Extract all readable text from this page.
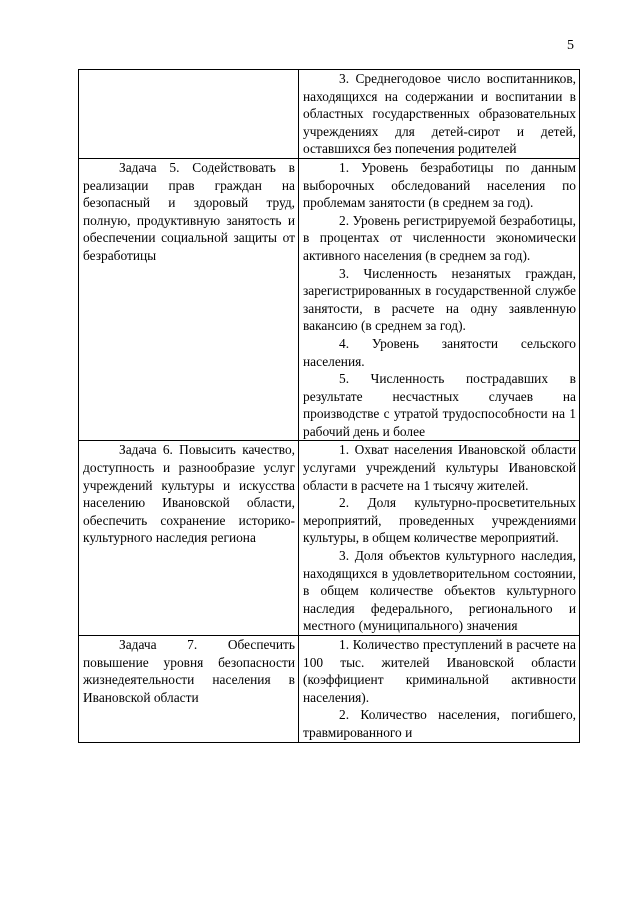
5

	3. Среднегодовое число воспитанников, находящихся на содержании и воспитании в областных государственных образовательных учреждениях для детей-сирот и детей, оставшихся без попечения родителей

Задача 5. Содействовать в реализации прав граждан на безопасный и здоровый труд, полную, продуктивную занятость и обеспечении социальной защиты от безработицы	1. Уровень безработицы по данным выборочных обследований населения по проблемам занятости (в среднем за год).

2. Уровень регистрируемой безработицы, в процентах от численности экономически активного населения (в среднем за год).

3. Численность незанятых граждан, зарегистрированных в государственной службе занятости, в расчете на одну заявленную вакансию (в среднем за год).

4. Уровень занятости сельского населения.

5. Численность пострадавших в результате несчастных случаев на производстве с утратой трудоспособности на 1 рабочий день и более

Задача 6. Повысить качество, доступность и разнообразие услуг учреждений культуры и искусства населению Ивановской области, обеспечить сохранение историко-культурного наследия региона	1. Охват населения Ивановской области услугами учреждений культуры Ивановской области в расчете на 1 тысячу жителей.

2. Доля культурно-просветительных мероприятий, проведенных учреждениями культуры, в общем количестве мероприятий.

3. Доля объектов культурного наследия, находящихся в удовлетворительном состоянии, в общем количестве объектов культурного наследия федерального, регионального и местного (муниципального) значения

Задача 7. Обеспечить повышение уровня безопасности жизнедеятельности населения в Ивановской области	1. Количество преступлений в расчете на 100 тыс. жителей Ивановской области (коэффициент криминальной активности населения).

2. Количество населения, погибшего, травмированного и
